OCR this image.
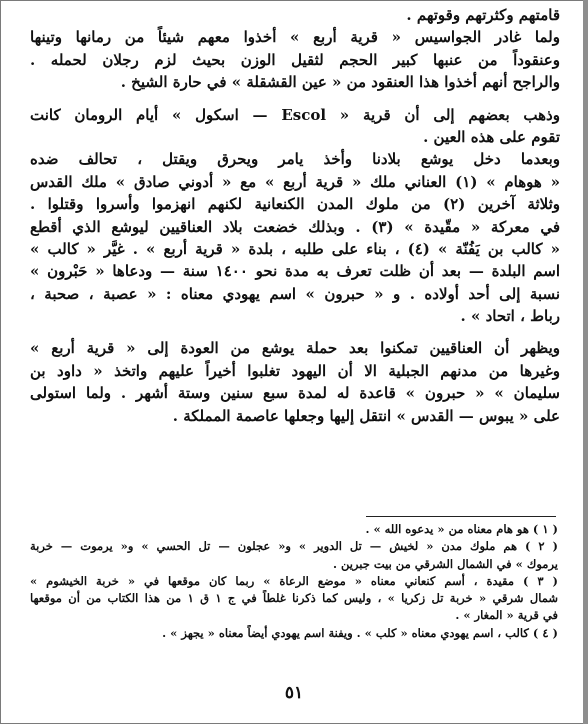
قامتهم وكثرتهم وقوتهم .
ولما غادر الجواسيس « قرية أربع » أخذوا معهم شيئاً من رمانها وتينها
وعنقوداً من عنبها كبير الحجم لثقيل الوزن بحيث لزم رجلان لحمله .
والراجح أنهم أخذوا هذا العنقود من « عين القشقلة » في حارة الشيخ .
وذهب بعضهم إلى أن قرية « Escol — اسكول » أيام الرومان كانت
تقوم على هذه العين .
وبعدما دخل يوشع بلادنا وأخذ يامر ويحرق ويقتل ، تحالف ضده
« هوهام » (١) العناني ملك « قرية أربع » مع « أدوني صادق » ملك القدس
وثلاثة آخرين (٢) من ملوك المدن الكنعانية لكنهم انهزموا وأسروا وقتلوا .
في معركة « مقّيدة » (٣) . وبذلك خضعت بلاد العناقيين ليوشع الذي أقطع
« كالب بن يَفُنّة » (٤) ، بناء على طلبه ، بلدة « قرية أربع » . غيَّر « كالب »
اسم البلدة — بعد أن ظلت تعرف به مدة نحو ١٤٠٠ سنة — ودعاها « حَبْرون »
نسبة إلى أحد أولاده . و « حبرون » اسم يهودي معناه : « عصبة ، صحبة ،
رباط ، اتحاد » .
ويظهر أن العناقيين تمكنوا بعد حملة يوشع من العودة إلى « قرية أربع »
وغيرها من مدنهم الجبلية الا أن اليهود تغلبوا أخيراً عليهم واتخذ « داود بن
سليمان » « حبرون » قاعدة له لمدة سبع سنين وستة أشهر . ولما استولى
على « يبوس — القدس » انتقل إليها وجعلها عاصمة المملكة .
( ١ ) هو هام معناه من « يدعوه الله » .
( ٢ ) هم ملوك مدن « لخيش — تل الدوير » و« عجلون — تل الحسي » و« يرموت — خربة
يرموك » في الشمال الشرقي من بيت جبرين .
( ٣ ) مقيدة ، أسم كنعاني معناه « موضع الرعاة » ربما كان موقعها في « خربة الخيشوم »
شمال شرقي « خربة تل زكريا » ، وليس كما ذكرنا غلطاً في ج ١ ق ١ من هذا الكتاب من أن موقعها
في قرية « المغار » .
( ٤ ) كالب ، اسم يهودي معناه « كلب » . ويفنة اسم يهودي أيضاً معناه « يجهز » .
٥١
